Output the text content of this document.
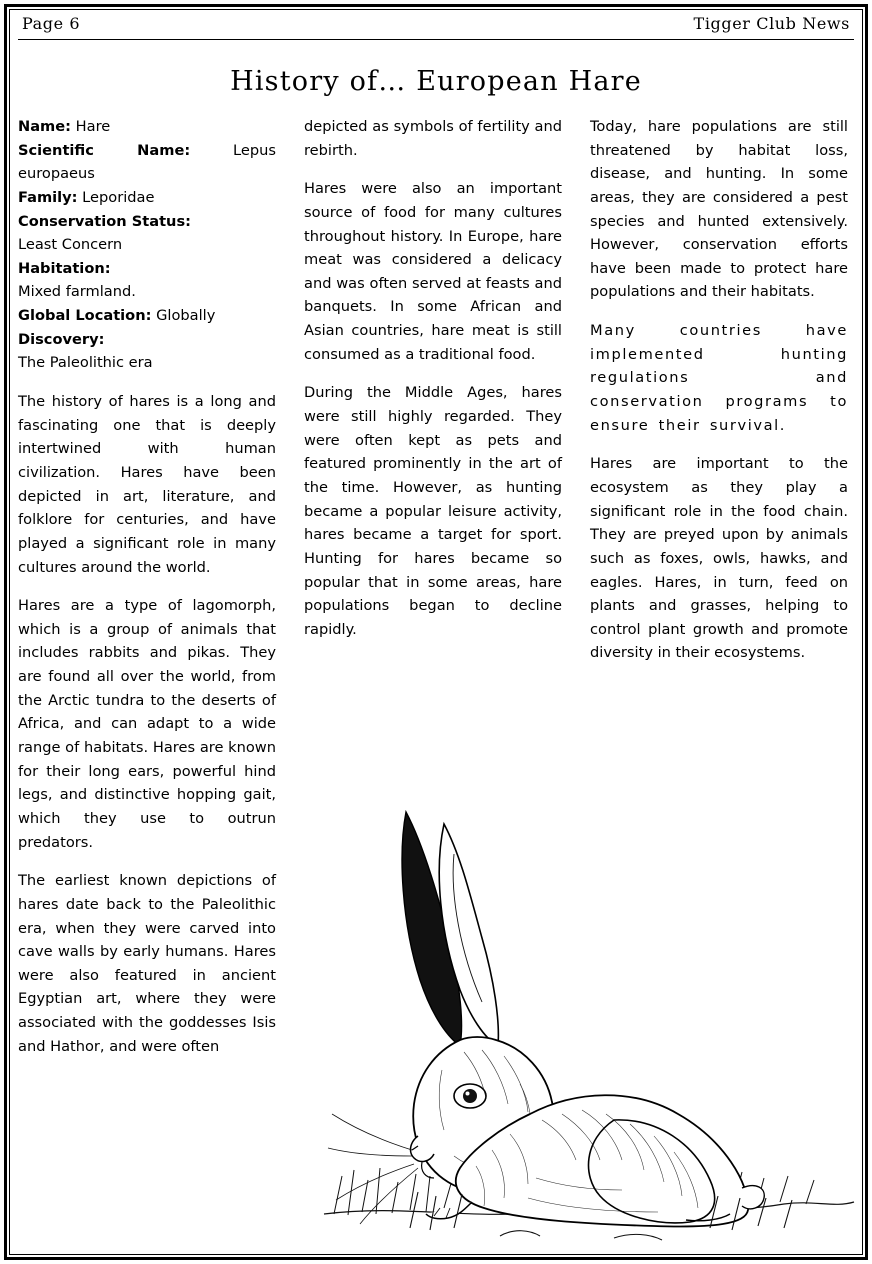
Page 6	Tigger Club News
History of… European Hare

Name: Hare

Scientific Name:	Lepus europaeus

Family: Leporidae

Conservation Status:
Least Concern

Habitation:
Mixed farmland.

Global Location: Globally

Discovery:
The Paleolithic era

The history of hares is a long and fascinating one that is deeply intertwined with human civilization. Hares have been depicted in art, literature, and folklore for centuries, and have played a significant role in many cultures around the world.

Hares are a type of lagomorph, which is a group of animals that includes rabbits and pikas. They are found all over the world, from the Arctic tundra to the deserts of Africa, and can adapt to a wide range of habitats. Hares are known for their long ears, powerful hind legs, and distinctive hopping gait, which they use to outrun predators.

The earliest known depictions of hares date back to the Paleolithic era, when they were carved into cave walls by early humans. Hares were also featured in ancient Egyptian art, where they were associated with the goddesses Isis and Hathor, and were often

depicted as symbols of fertility and rebirth.

Hares were also an important source of food for many cultures throughout history. In Europe, hare meat was considered a delicacy and was often served at feasts and banquets. In some African and Asian countries, hare meat is still consumed as a traditional food.

During the Middle Ages, hares were still highly regarded. They were often kept as pets and featured prominently in the art of the time. However, as hunting became a popular leisure activity, hares became a target for sport. Hunting for hares became so popular that in some areas, hare populations began to decline rapidly.

Today, hare populations are still threatened by habitat loss, disease, and hunting. In some areas, they are considered a pest species and hunted extensively. However, conservation efforts have been made to protect hare populations and their habitats.

Many countries have implemented hunting regulations and conservation programs to ensure their survival.

Hares are important to the ecosystem as they play a significant role in the food chain. They are preyed upon by animals such as foxes, owls, hawks, and eagles. Hares, in turn, feed on plants and grasses, helping to control plant growth and promote diversity in their ecosystems.
